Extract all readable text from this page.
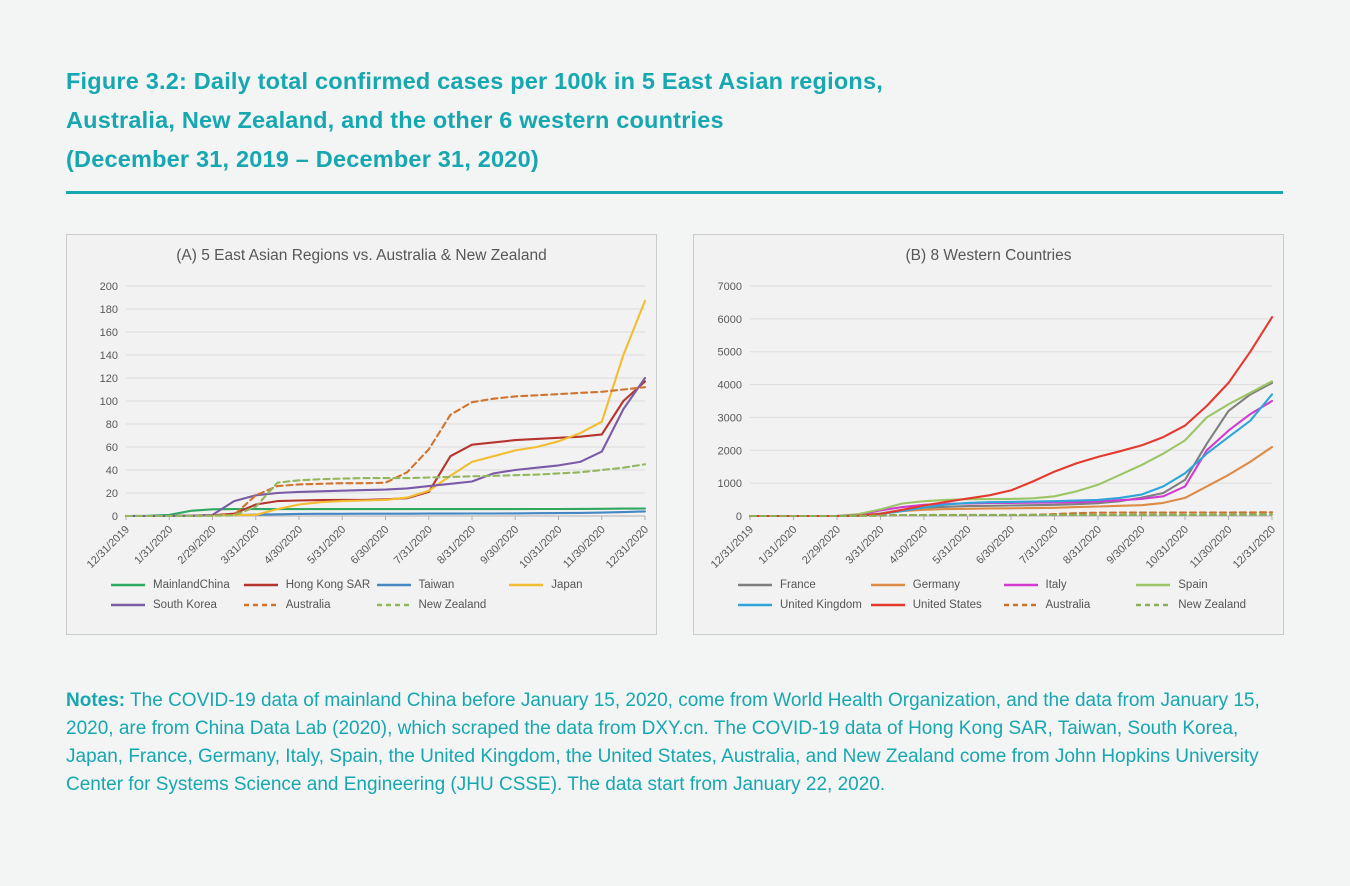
Figure 3.2: Daily total confirmed cases per 100k in 5 East Asian regions,
Australia, New Zealand, and the other 6 western countries
(December 31, 2019 – December 31, 2020)
(A) 5 East Asian Regions vs. Australia & New Zealand
0
20
40
60
80
100
120
140
160
180
200
12/31/2019 1/31/2020 2/29/2020 3/31/2020 4/30/2020 5/31/2020 6/30/2020 7/31/2020 8/31/2020 9/30/2020
10/31/2020
11/30/2020
12/31/2020
MainlandChina	Hong Kong SAR	Taiwan	Japan
South Korea	Australia	New Zealand
(B) 8 Western Countries
0
1000
2000
3000
4000
5000
6000
7000
12/31/2019 1/31/2020 2/29/2020 3/31/2020 4/30/2020 5/31/2020 6/30/2020 7/31/2020 8/31/2020 9/30/2020
10/31/2020
11/30/2020
12/31/2020
France	Germany	Italy	Spain
United Kingdom	United States	Australia	New Zealand

Notes: The COVID-19 data of mainland China before January 15, 2020, come from World Health Organization, and the data from January 15, 2020, are from China Data Lab (2020), which scraped the data from DXY.cn. The COVID-19 data of Hong Kong SAR, Taiwan, South Korea, Japan, France, Germany, Italy, Spain, the United Kingdom, the United States, Australia, and New Zealand come from John Hopkins University Center for Systems Science and Engineering (JHU CSSE). The data start from January 22, 2020.
